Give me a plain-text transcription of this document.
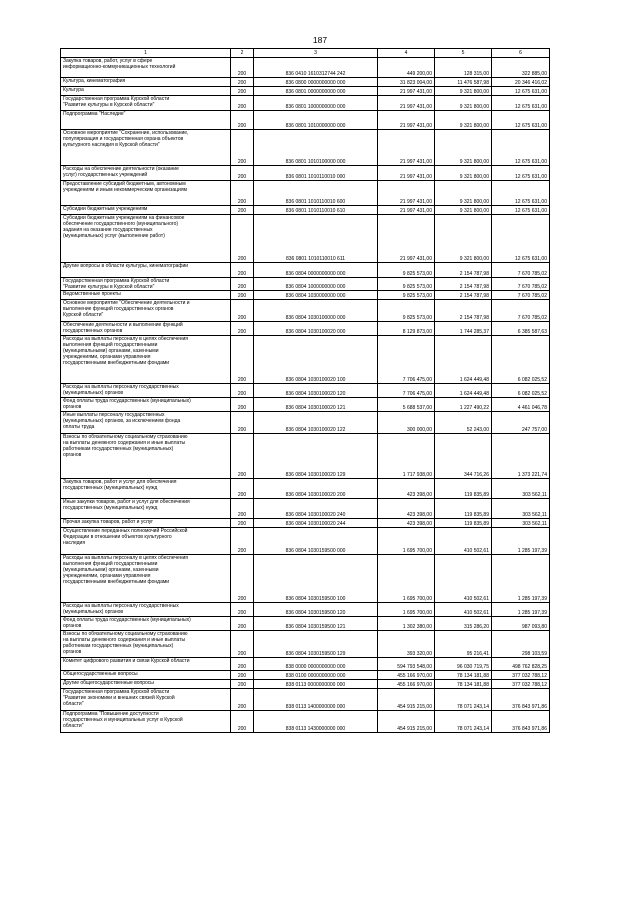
187
1	2	3	4	5	6

Закупка товаров, работ, услуг в сфере
информационно-коммуникационных технологий	200	836 0410 1610312744 242	449 200,00	128 315,00	322 885,00

Культура, кинематография	200	836 0800 0000000000 000	31 823 004,00	11 476 587,98	20 346 416,02

Культура	200	836 0801 0000000000 000	21 997 431,00	9 321 800,00	12 675 631,00

Государственная программа Курской области
"Развитие культуры в Курской области"	200	836 0801 1000000000 000	21 997 431,00	9 321 800,00	12 675 631,00

Подпрограмма "Наследие"	200	836 0801 1010000000 000	21 997 431,00	9 321 800,00	12 675 631,00

Основное мероприятие "Сохранение, использование,
популяризация и государственная охрана объектов
культурного наследия в Курской области"	200	836 0801 1010100000 000	21 997 431,00	9 321 800,00	12 675 631,00

Расходы на обеспечение деятельности (оказание
услуг) государственных учреждений	200	836 0801 1010110010 000	21 997 431,00	9 321 800,00	12 675 631,00

Предоставление субсидий бюджетным, автономным
учреждениям и иным некоммерческим организациям	200	836 0801 1010110010 600	21 997 431,00	9 321 800,00	12 675 631,00

Субсидии бюджетным учреждениям	200	836 0801 1010110010 610	21 997 431,00	9 321 800,00	12 675 631,00

Субсидии бюджетным учреждениям на финансовое
обеспечение государственного (муниципального)
задания на оказание государственных
(муниципальных) услуг (выполнение работ)	200	836 0801 1010110010 611	21 997 431,00	9 321 800,00	12 675 631,00

Другие вопросы в области культуры, кинематографии	200	836 0804 0000000000 000	9 825 573,00	2 154 787,98	7 670 785,02

Государственная программа Курской области
"Развитие культуры в Курской области"	200	836 0804 1000000000 000	9 825 573,00	2 154 787,98	7 670 785,02

Ведомственные проекты	200	836 0804 1030000000 000	9 825 573,00	2 154 787,98	7 670 785,02

Основное мероприятие "Обеспечение деятельности и
выполнение функций государственных органов
Курской области"	200	836 0804 1030100000 000	9 825 573,00	2 154 787,98	7 670 785,02

Обеспечение деятельности и выполнение функций
государственных органов	200	836 0804 1030100020 000	8 129 873,00	1 744 285,37	6 385 587,63

Расходы на выплаты персоналу в целях обеспечения
выполнения функций государственными
(муниципальными) органами, казенными
учреждениями, органами управления
государственными внебюджетными фондами	200	836 0804 1030100020 100	7 706 475,00	1 624 449,48	6 082 025,52

Расходы на выплаты персоналу государственных
(муниципальных) органов	200	836 0804 1030100020 120	7 706 475,00	1 624 449,48	6 082 025,52

Фонд оплаты труда государственных (муниципальных)
органов	200	836 0804 1030100020 121	5 688 537,00	1 227 490,22	4 461 046,78

Иные выплаты персоналу государственных
(муниципальных) органов, за исключением фонда
оплаты труда	200	836 0804 1030100020 122	300 000,00	52 243,00	247 757,00

Взносы по обязательному социальному страхованию
на выплаты денежного содержания и иные выплаты
работникам государственных (муниципальных)
органов	200	836 0804 1030100020 129	1 717 938,00	344 716,26	1 373 221,74

Закупка товаров, работ и услуг для обеспечения
государственных (муниципальных) нужд	200	836 0804 1030100020 200	423 398,00	119 835,89	303 562,11

Иные закупки товаров, работ и услуг для обеспечения
государственных (муниципальных) нужд	200	836 0804 1030100020 240	423 398,00	119 835,89	303 562,11

Прочая закупка товаров, работ и услуг	200	836 0804 1030100020 244	423 398,00	119 835,89	303 562,11

Осуществление переданных полномочий Российской
Федерации в отношении объектов культурного
наследия	200	836 0804 1030159500 000	1 695 700,00	410 502,61	1 285 197,39

Расходы на выплаты персоналу в целях обеспечения
выполнения функций государственными
(муниципальными) органами, казенными
учреждениями, органами управления
государственными внебюджетными фондами	200	836 0804 1030159500 100	1 695 700,00	410 502,61	1 285 197,39

Расходы на выплаты персоналу государственных
(муниципальных) органов	200	836 0804 1030159500 120	1 695 700,00	410 502,61	1 285 197,39

Фонд оплаты труда государственных (муниципальных)
органов	200	836 0804 1030159500 121	1 302 380,00	315 286,20	987 093,80

Взносы по обязательному социальному страхованию
на выплаты денежного содержания и иные выплаты
работникам государственных (муниципальных)
органов	200	836 0804 1030159500 129	393 320,00	95 216,41	298 103,59

Комитет цифрового развития и связи Курской области	200	838 0000 0000000000 000	594 793 548,00	96 030 719,75	498 762 828,25

Общегосударственные вопросы	200	838 0100 0000000000 000	455 166 970,00	78 134 181,88	377 032 788,12

Другие общегосударственные вопросы	200	838 0113 0000000000 000	455 166 970,00	78 134 181,88	377 032 788,12

Государственная программа Курской области
"Развитие экономики и внешних связей Курской
области"	200	838 0113 1400000000 000	454 915 215,00	78 071 243,14	376 843 971,86

Подпрограмма "Повышение доступности
государственных и муниципальных услуг в Курской
области"	200	838 0113 1430000000 000	454 915 215,00	78 071 243,14	376 843 971,86
